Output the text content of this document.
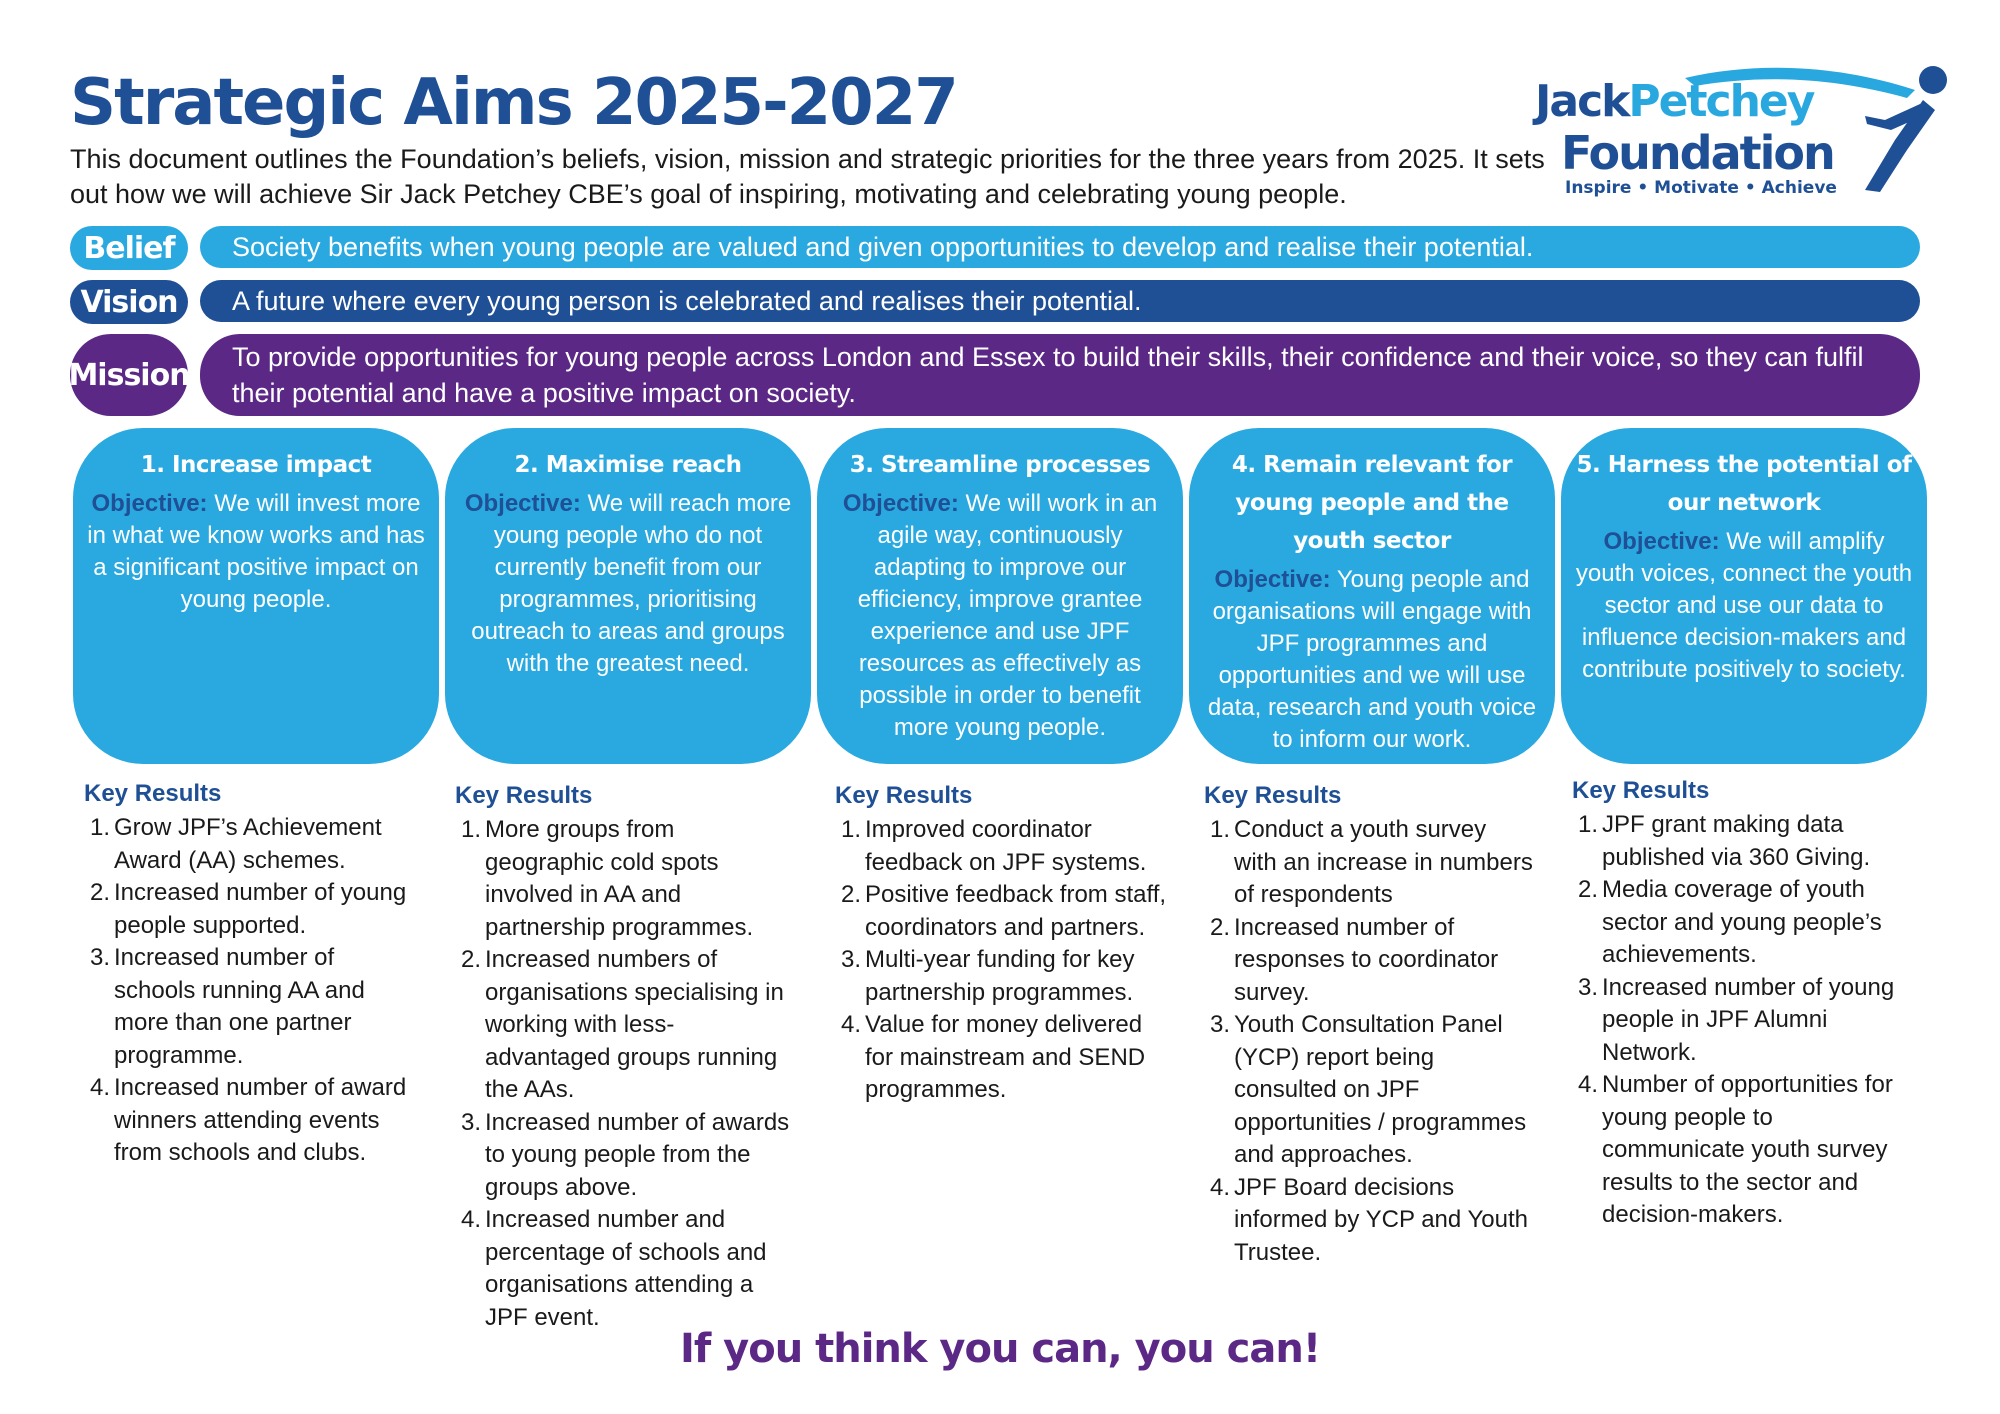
Strategic Aims 2025-2027
This document outlines the Foundation’s beliefs, vision, mission and strategic priorities for the three years from 2025. It sets out how we will achieve Sir Jack Petchey CBE’s goal of inspiring, motivating and celebrating young people.
JackPetchey
Foundation
Inspire • Motivate • Achieve
Belief	Society benefits when young people are valued and given opportunities to develop and realise their potential.
Vision	A future where every young person is celebrated and realises their potential.
Mission
To provide opportunities for young people across London and Essex to build their skills, their confidence and their voice, so they can fulfil their potential and have a positive impact on society.
1. Increase impact
Objective: We will invest more in what we know works and has a significant positive impact on young people.
2. Maximise reach
Objective: We will reach more young people who do not currently benefit from our programmes, prioritising outreach to areas and groups with the greatest need.
3. Streamline processes
Objective: We will work in an agile way, continuously adapting to improve our efficiency, improve grantee experience and use JPF resources as effectively as possible in order to benefit more young people.
4. Remain relevant for young people and the youth sector
Objective: Young people and organisations will engage with JPF programmes and opportunities and we will use data, research and youth voice to inform our work.
5. Harness the potential of our network
Objective: We will amplify youth voices, connect the youth sector and use our data to influence decision-makers and contribute positively to society.
Key Results
1. Grow JPF’s Achievement Award (AA) schemes.
2. Increased number of young people supported.
3. Increased number of schools running AA and more than one partner programme.
4. Increased number of award winners attending events from schools and clubs.
Key Results
1. More groups from geographic cold spots involved in AA and partnership programmes.
2. Increased numbers of organisations specialising in working with less-advantaged groups running the AAs.
3. Increased number of awards to young people from the groups above.
4. Increased number and percentage of schools and organisations attending a JPF event.
Key Results
1. Improved coordinator feedback on JPF systems.
2. Positive feedback from staff, coordinators and partners.
3. Multi-year funding for key partnership programmes.
4. Value for money delivered for mainstream and SEND programmes.
Key Results
1. Conduct a youth survey with an increase in numbers of respondents
2. Increased number of responses to coordinator survey.
3. Youth Consultation Panel (YCP) report being consulted on JPF opportunities / programmes and approaches.
4. JPF Board decisions informed by YCP and Youth Trustee.
Key Results
1. JPF grant making data published via 360 Giving.
2. Media coverage of youth sector and young people’s achievements.
3. Increased number of young people in JPF Alumni Network.
4. Number of opportunities for young people to communicate youth survey results to the sector and decision-makers.
If you think you can, you can!
